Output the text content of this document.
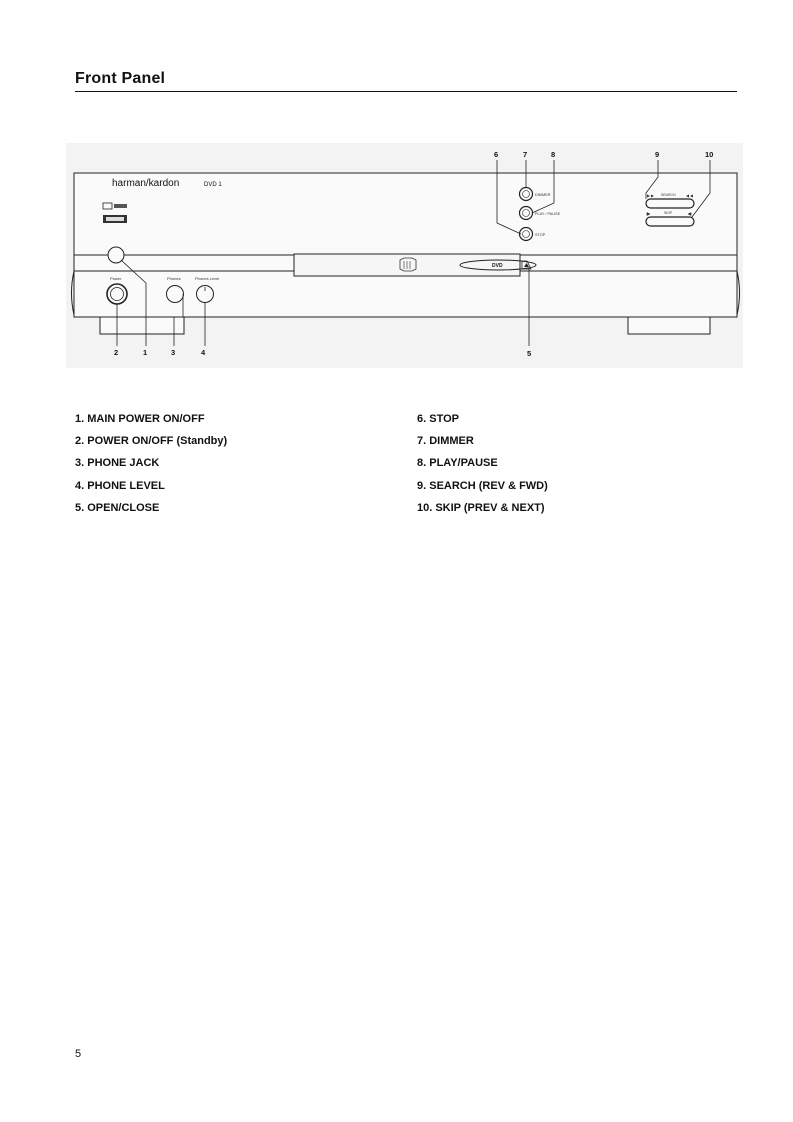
Front Panel
harman/kardon	DVD 1
DVD
Power	Phones	Phones Level
DIMMER
PLAY / PAUSE
STOP
SEARCH
SKIP
2	1	3	4	5
6	7	8	9	10
1. MAIN POWER ON/OFF
2. POWER ON/OFF (Standby)
3. PHONE JACK
4. PHONE LEVEL
5. OPEN/CLOSE
6. STOP
7. DIMMER
8. PLAY/PAUSE
9. SEARCH (REV & FWD)
10. SKIP (PREV & NEXT)
5
